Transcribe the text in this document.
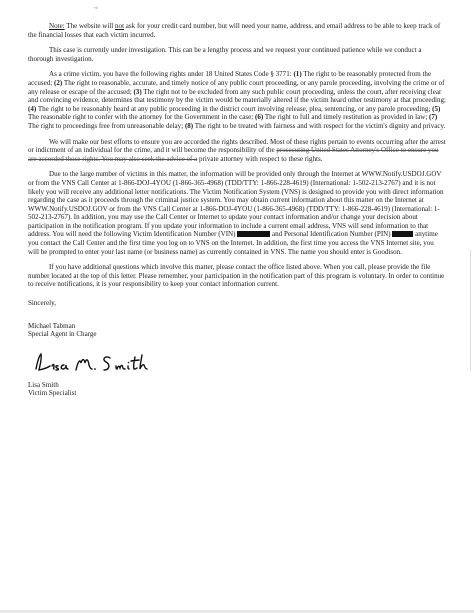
·«

Note: The website will not ask for your credit card number, but will need your name, address, and email address to be able to keep track of the financial losses that each victim incurred.

This case is currently under investigation. This can be a lengthy process and we request your continued patience while we conduct a thorough investigation.

As a crime victim, you have the following rights under 18 United States Code § 3771: (1) The right to be reasonably protected from the accused; (2) The right to reasonable, accurate, and timely notice of any public court proceeding, or any parole proceeding, involving the crime or of any release or escape of the accused; (3) The right not to be excluded from any such public court proceeding, unless the court, after receiving clear and convincing evidence, determines that testimony by the victim would be materially altered if the victim heard other testimony at that proceeding; (4) The right to be reasonably heard at any public proceeding in the district court involving release, plea, sentencing, or any parole proceeding; (5) The reasonable right to confer with the attorney for the Government in the case; (6) The right to full and timely restitution as provided in law; (7) The right to proceedings free from unreasonable delay; (8) The right to be treated with fairness and with respect for the victim's dignity and privacy.

We will make our best efforts to ensure you are accorded the rights described. Most of these rights pertain to events occurring after the arrest or indictment of an individual for the crime, and it will become the responsibility of the prosecuting United States Attorney's Office to ensure you are accorded those rights. You may also seek the advice of a private attorney with respect to these rights.

Due to the large number of victims in this matter, the information will be provided only through the Internet at WWW.Notify.USDOJ.GOV or from the VNS Call Center at 1-866-DOJ-4YOU (1-866-365-4968) (TDD/TTY: 1-866-228-4619) (International: 1-502-213-2767) and it is not likely you will receive any additional letter notifications. The Victim Notification System (VNS) is designed to provide you with direct information regarding the case as it proceeds through the criminal justice system. You may obtain current information about this matter on the Internet at WWW.Notify.USDOJ.GOV or from the VNS Call Center at 1-866-DOJ-4YOU (1-866-365-4968) (TDD/TTY: 1-866-228-4619) (International: 1-502-213-2767). In addition, you may use the Call Center or Internet to update your contact information and/or change your decision about participation in the notification program. If you update your information to include a current email address, VNS will send information to that address. You will need the following Victim Identification Number (VIN)	and Personal Identification Number (PIN)	anytime you contact the Call Center and the first time you log on to VNS on the Internet. In addition, the first time you access the VNS Internet site, you will be prompted to enter your last name (or business name) as currently contained in VNS. The name you should enter is Goodison.

If you have additional questions which involve this matter, please contact the office listed above. When you call, please provide the file number located at the top of this letter. Please remember, your participation in the notification part of this program is voluntary. In order to continue to receive notifications, it is your responsibility to keep your contact information current.

Sincerely,

Michael Tabman

Special Agent in Charge

Lisa Smith

Victim Specialist
